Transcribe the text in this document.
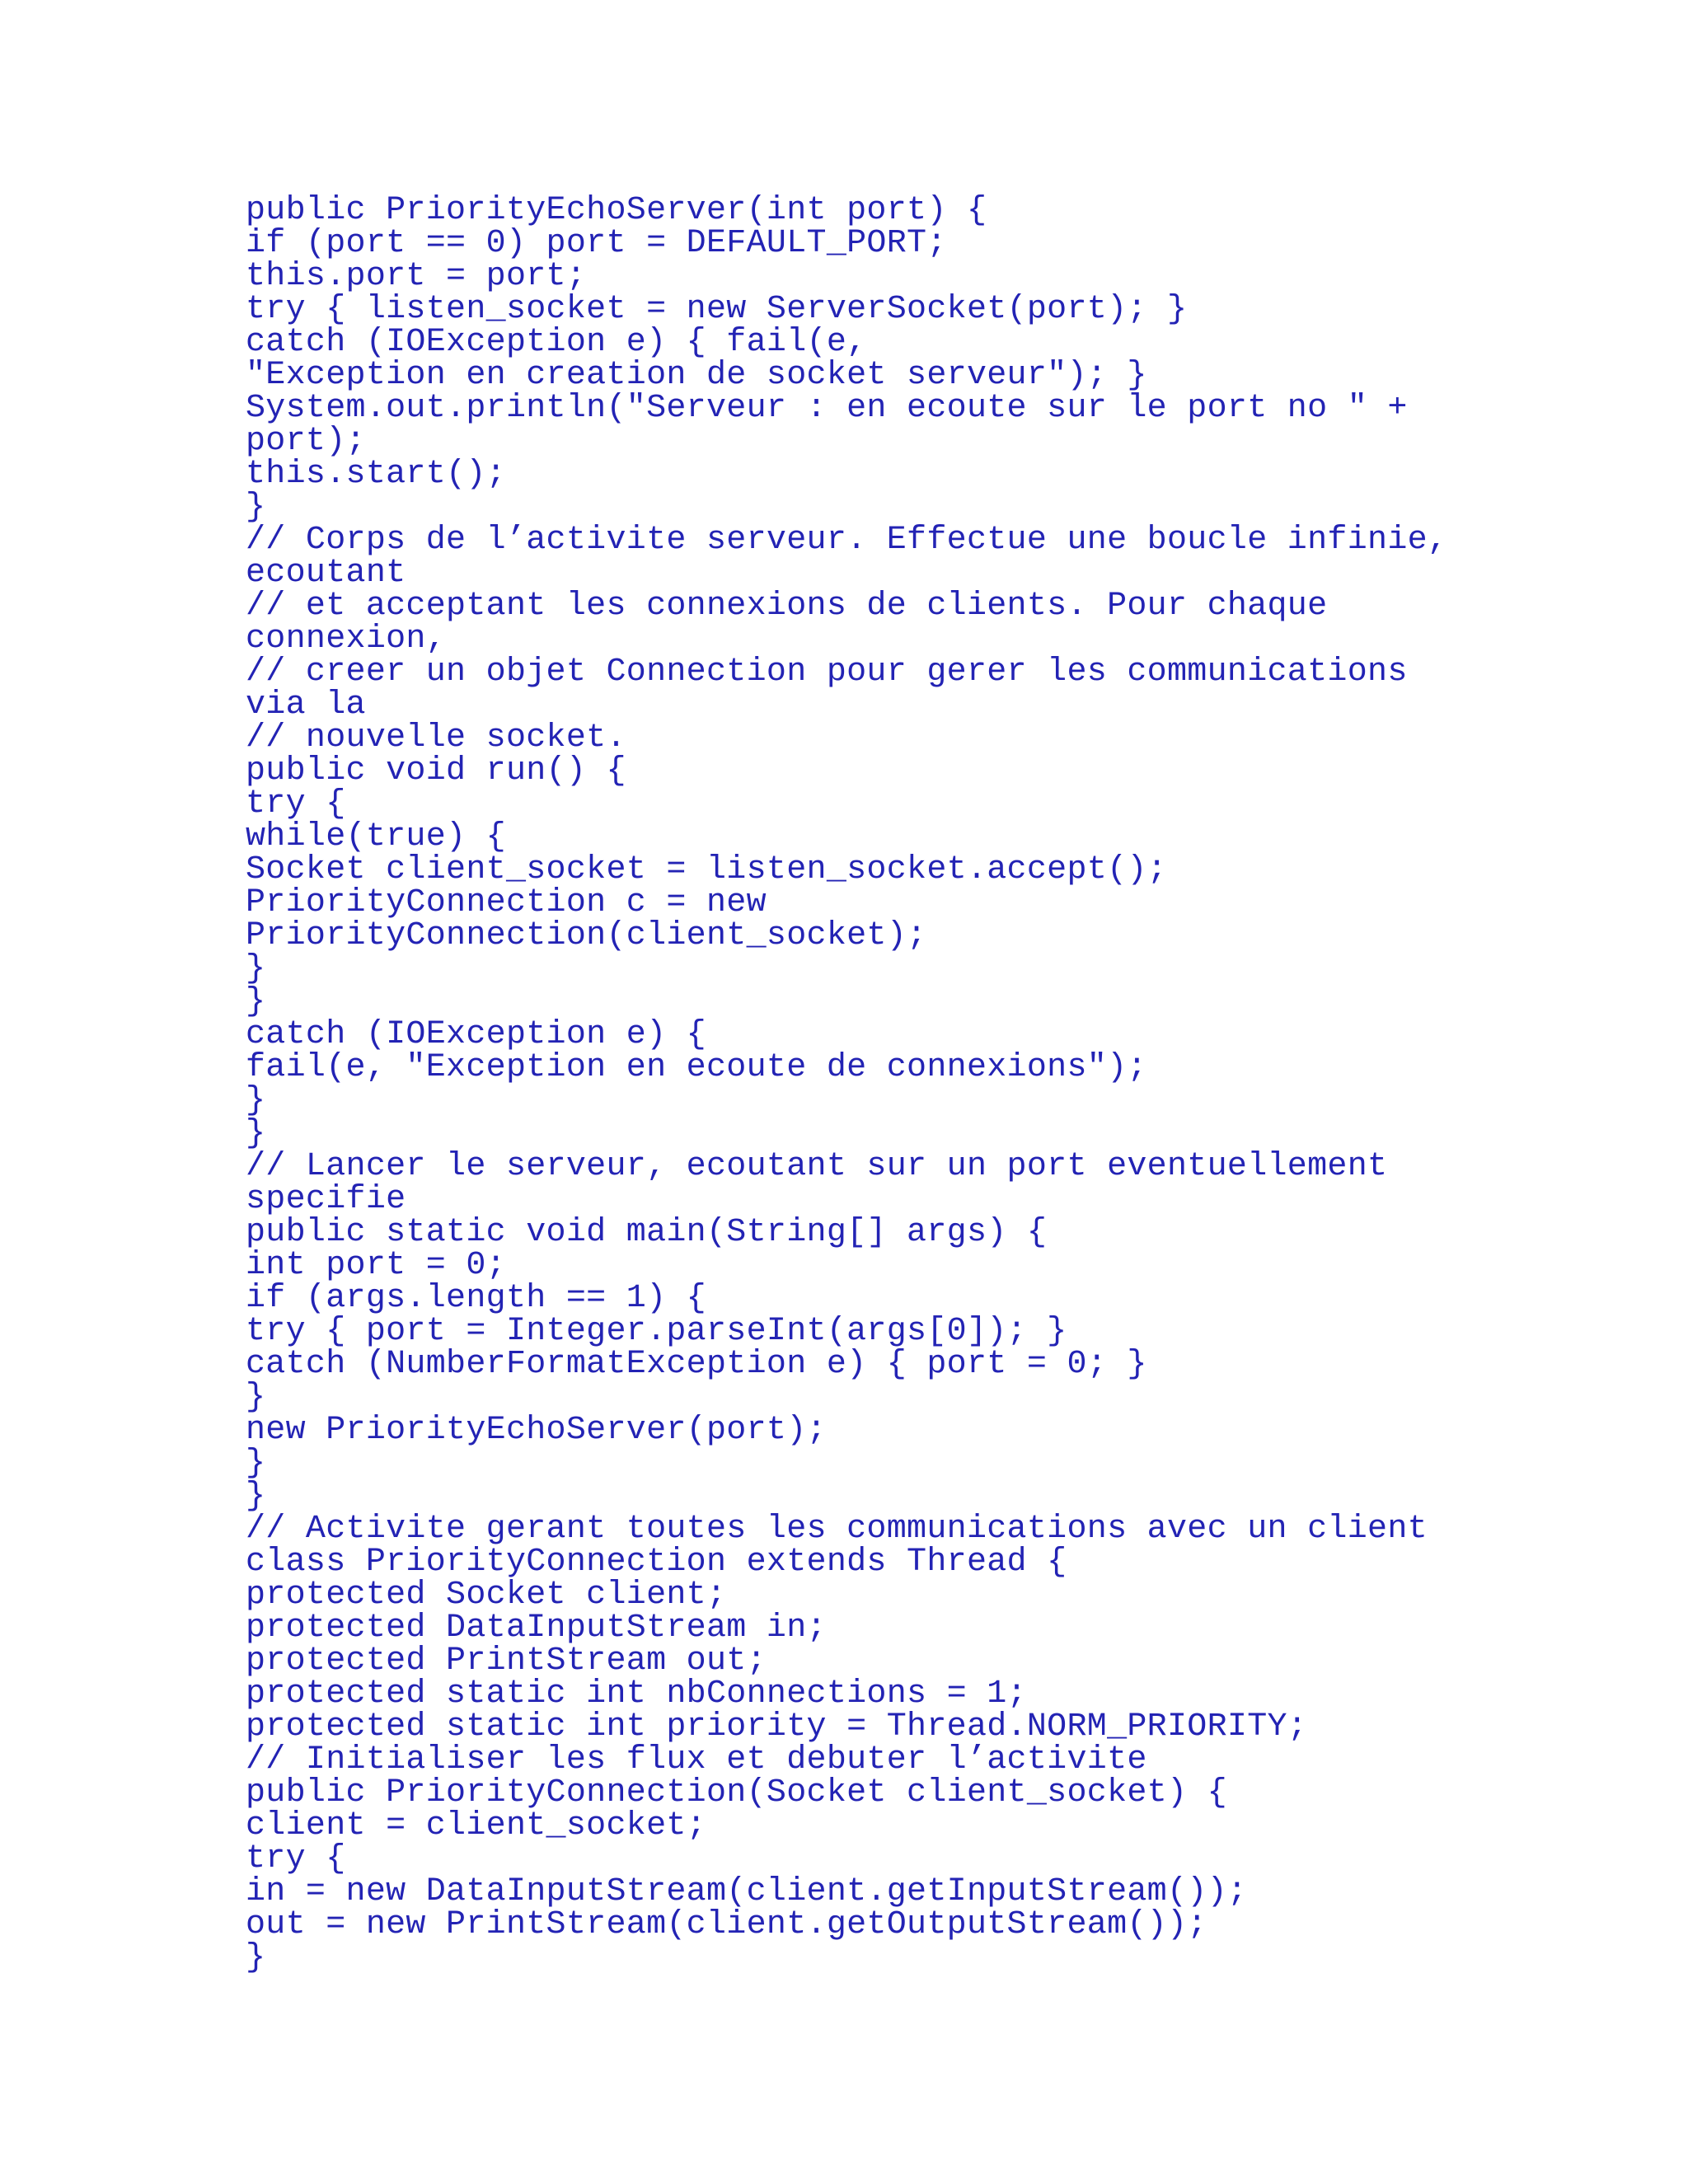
public PriorityEchoServer(int port) {
if (port == 0) port = DEFAULT_PORT;
this.port = port;
try { listen_socket = new ServerSocket(port); }
catch (IOException e) { fail(e,
"Exception en creation de socket serveur"); }
System.out.println("Serveur : en ecoute sur le port no " +
port);
this.start();
}
// Corps de l’activite serveur. Effectue une boucle infinie,
ecoutant
// et acceptant les connexions de clients. Pour chaque
connexion,
// creer un objet Connection pour gerer les communications
via la
// nouvelle socket.
public void run() {
try {
while(true) {
Socket client_socket = listen_socket.accept();
PriorityConnection c = new
PriorityConnection(client_socket);
}
}
catch (IOException e) {
fail(e, "Exception en ecoute de connexions");
}
}
// Lancer le serveur, ecoutant sur un port eventuellement
specifie
public static void main(String[] args) {
int port = 0;
if (args.length == 1) {
try { port = Integer.parseInt(args[0]); }
catch (NumberFormatException e) { port = 0; }
}
new PriorityEchoServer(port);
}
}
// Activite gerant toutes les communications avec un client
class PriorityConnection extends Thread {
protected Socket client;
protected DataInputStream in;
protected PrintStream out;
protected static int nbConnections = 1;
protected static int priority = Thread.NORM_PRIORITY;
// Initialiser les flux et debuter l’activite
public PriorityConnection(Socket client_socket) {
client = client_socket;
try {
in = new DataInputStream(client.getInputStream());
out = new PrintStream(client.getOutputStream());
}
